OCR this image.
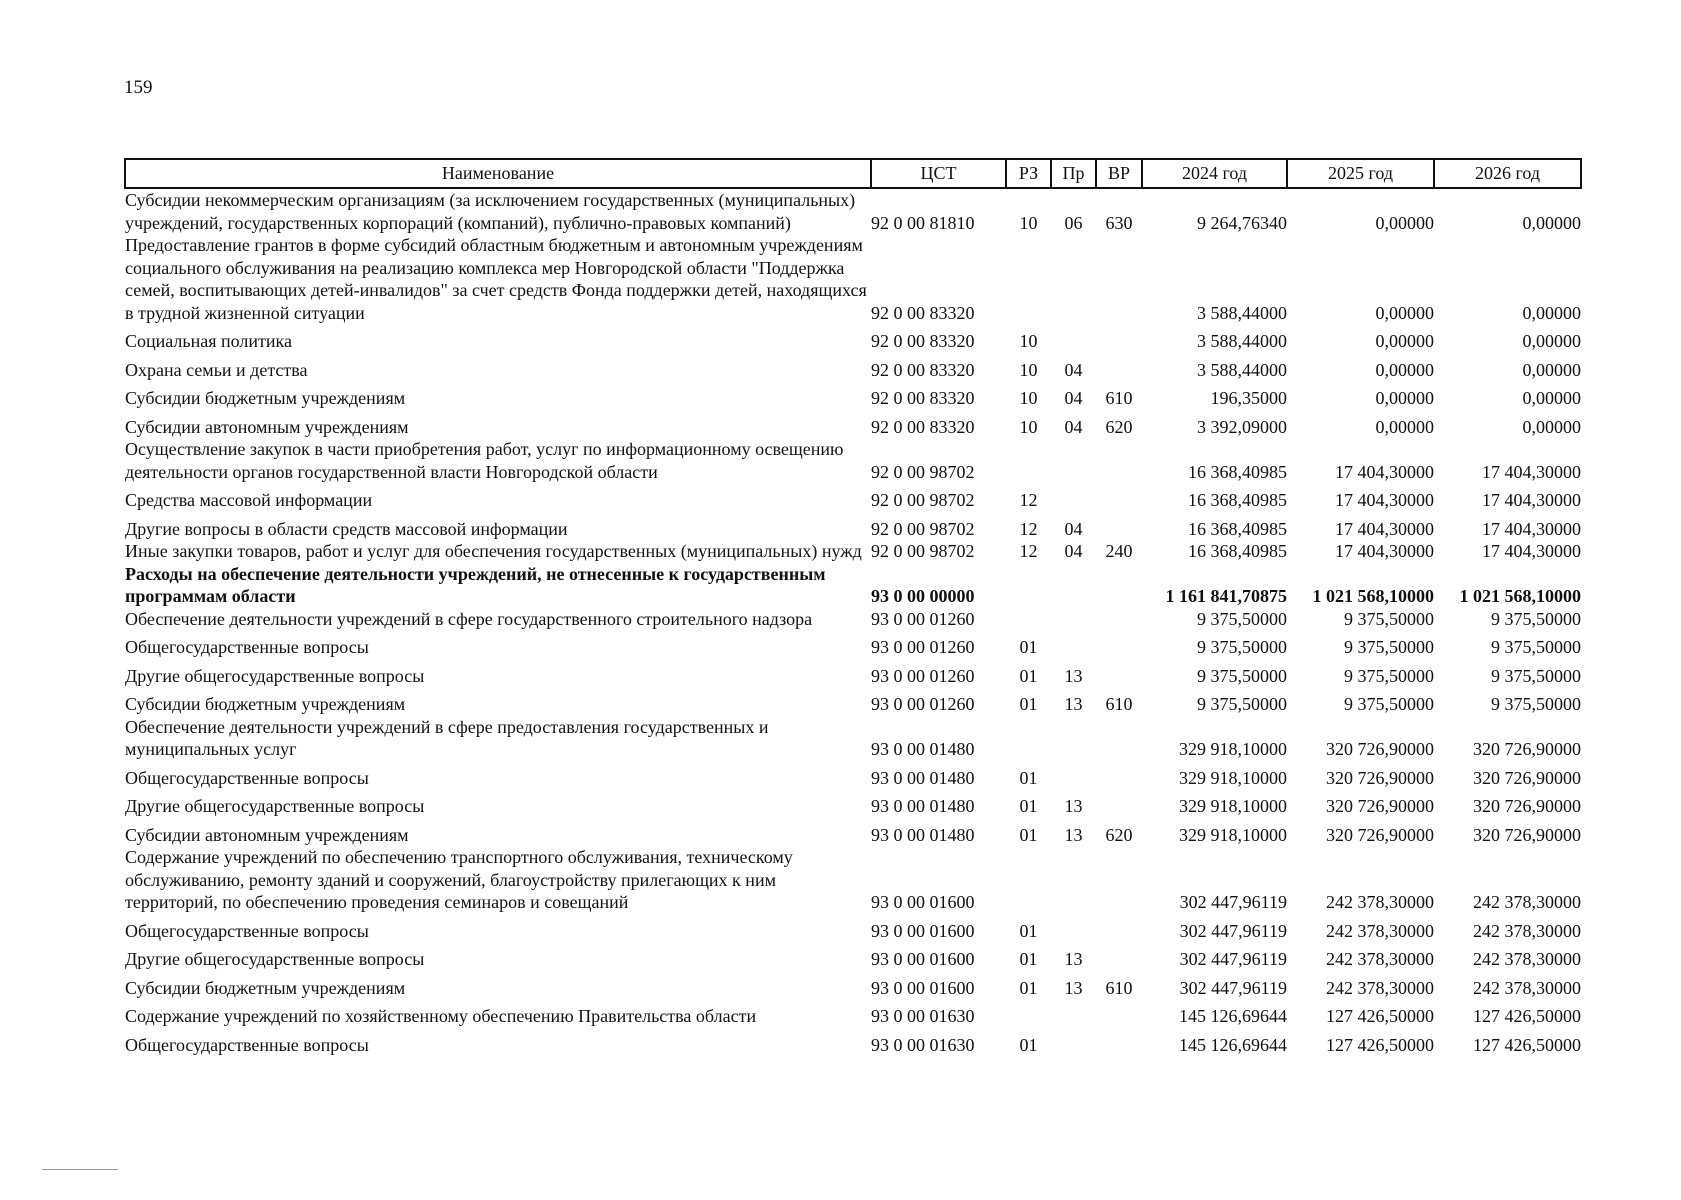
159
Наименование	ЦСТ	РЗ	Пр	ВР	2024 год	2025 год	2026 год
Субсидии некоммерческим организациям (за исключением государственных (муниципальных) учреждений, государственных корпораций (компаний), публично-правовых компаний)	92 0 00 81810	10	06	630	9 264,76340	0,00000	0,00000
Предоставление грантов в форме субсидий областным бюджетным и автономным учреждениям социального обслуживания на реализацию комплекса мер Новгородской области "Поддержка семей, воспитывающих детей-инвалидов" за счет средств Фонда поддержки детей, находящихся в трудной жизненной ситуации	92 0 00 83320				3 588,44000	0,00000	0,00000
Социальная политика	92 0 00 83320	10			3 588,44000	0,00000	0,00000
Охрана семьи и детства	92 0 00 83320	10	04		3 588,44000	0,00000	0,00000
Субсидии бюджетным учреждениям	92 0 00 83320	10	04	610	196,35000	0,00000	0,00000
Субсидии автономным учреждениям	92 0 00 83320	10	04	620	3 392,09000	0,00000	0,00000
Осуществление закупок в части приобретения работ, услуг по информационному освещению деятельности органов государственной власти Новгородской области	92 0 00 98702				16 368,40985	17 404,30000	17 404,30000
Средства массовой информации	92 0 00 98702	12			16 368,40985	17 404,30000	17 404,30000
Другие вопросы в области средств массовой информации	92 0 00 98702	12	04		16 368,40985	17 404,30000	17 404,30000
Иные закупки товаров, работ и услуг для обеспечения государственных (муниципальных) нужд	92 0 00 98702	12	04	240	16 368,40985	17 404,30000	17 404,30000
Расходы на обеспечение деятельности учреждений, не отнесенные к государственным программам области	93 0 00 00000				1 161 841,70875	1 021 568,10000	1 021 568,10000
Обеспечение деятельности учреждений в сфере государственного строительного надзора	93 0 00 01260				9 375,50000	9 375,50000	9 375,50000
Общегосударственные вопросы	93 0 00 01260	01			9 375,50000	9 375,50000	9 375,50000
Другие общегосударственные вопросы	93 0 00 01260	01	13		9 375,50000	9 375,50000	9 375,50000
Субсидии бюджетным учреждениям	93 0 00 01260	01	13	610	9 375,50000	9 375,50000	9 375,50000
Обеспечение деятельности учреждений в сфере предоставления государственных и муниципальных услуг	93 0 00 01480				329 918,10000	320 726,90000	320 726,90000
Общегосударственные вопросы	93 0 00 01480	01			329 918,10000	320 726,90000	320 726,90000
Другие общегосударственные вопросы	93 0 00 01480	01	13		329 918,10000	320 726,90000	320 726,90000
Субсидии автономным учреждениям	93 0 00 01480	01	13	620	329 918,10000	320 726,90000	320 726,90000
Содержание учреждений по обеспечению транспортного обслуживания, техническому обслуживанию, ремонту зданий и сооружений, благоустройству прилегающих к ним территорий, по обеспечению проведения семинаров и совещаний	93 0 00 01600				302 447,96119	242 378,30000	242 378,30000
Общегосударственные вопросы	93 0 00 01600	01			302 447,96119	242 378,30000	242 378,30000
Другие общегосударственные вопросы	93 0 00 01600	01	13		302 447,96119	242 378,30000	242 378,30000
Субсидии бюджетным учреждениям	93 0 00 01600	01	13	610	302 447,96119	242 378,30000	242 378,30000
Содержание учреждений по хозяйственному обеспечению Правительства области	93 0 00 01630				145 126,69644	127 426,50000	127 426,50000
Общегосударственные вопросы	93 0 00 01630	01			145 126,69644	127 426,50000	127 426,50000
